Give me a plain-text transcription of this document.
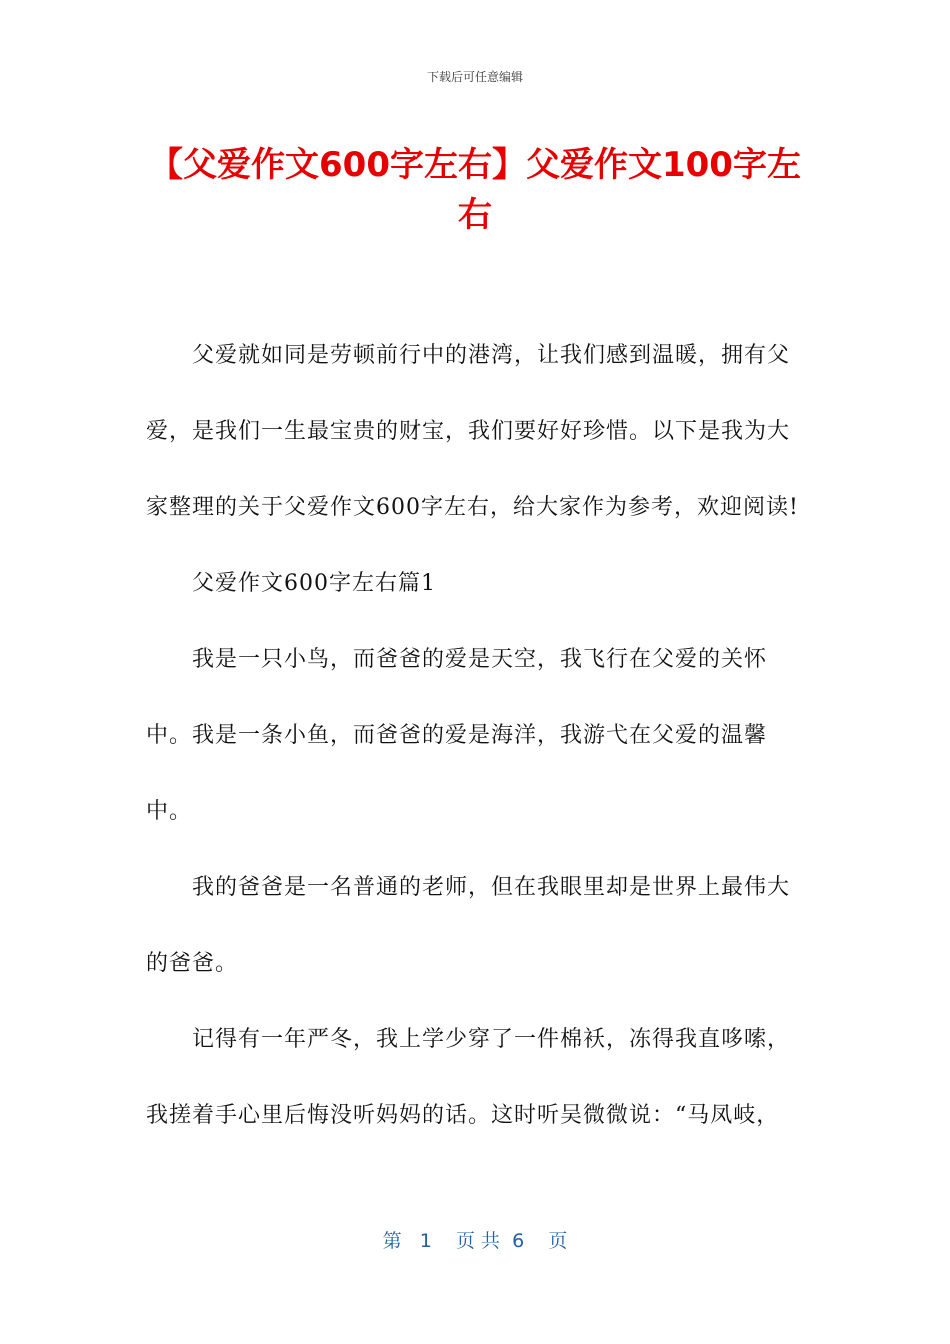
下载后可任意编辑
【父爱作文600字左右】父爱作文100字左右

父爱就如同是劳顿前行中的港湾，让我们感到温暖，拥有父爱，是我们一生最宝贵的财宝，我们要好好珍惜。以下是我为大家整理的关于父爱作文600字左右，给大家作为参考，欢迎阅读!

父爱作文600字左右篇1

我是一只小鸟，而爸爸的爱是天空，我飞行在父爱的关怀中。我是一条小鱼，而爸爸的爱是海洋，我游弋在父爱的温馨中。

我的爸爸是一名普通的老师，但在我眼里却是世界上最伟大的爸爸。

记得有一年严冬，我上学少穿了一件棉袄，冻得我直哆嗦，我搓着手心里后悔没听妈妈的话。这时听吴微微说：“马凤岐，

第   1    页 共  6    页
